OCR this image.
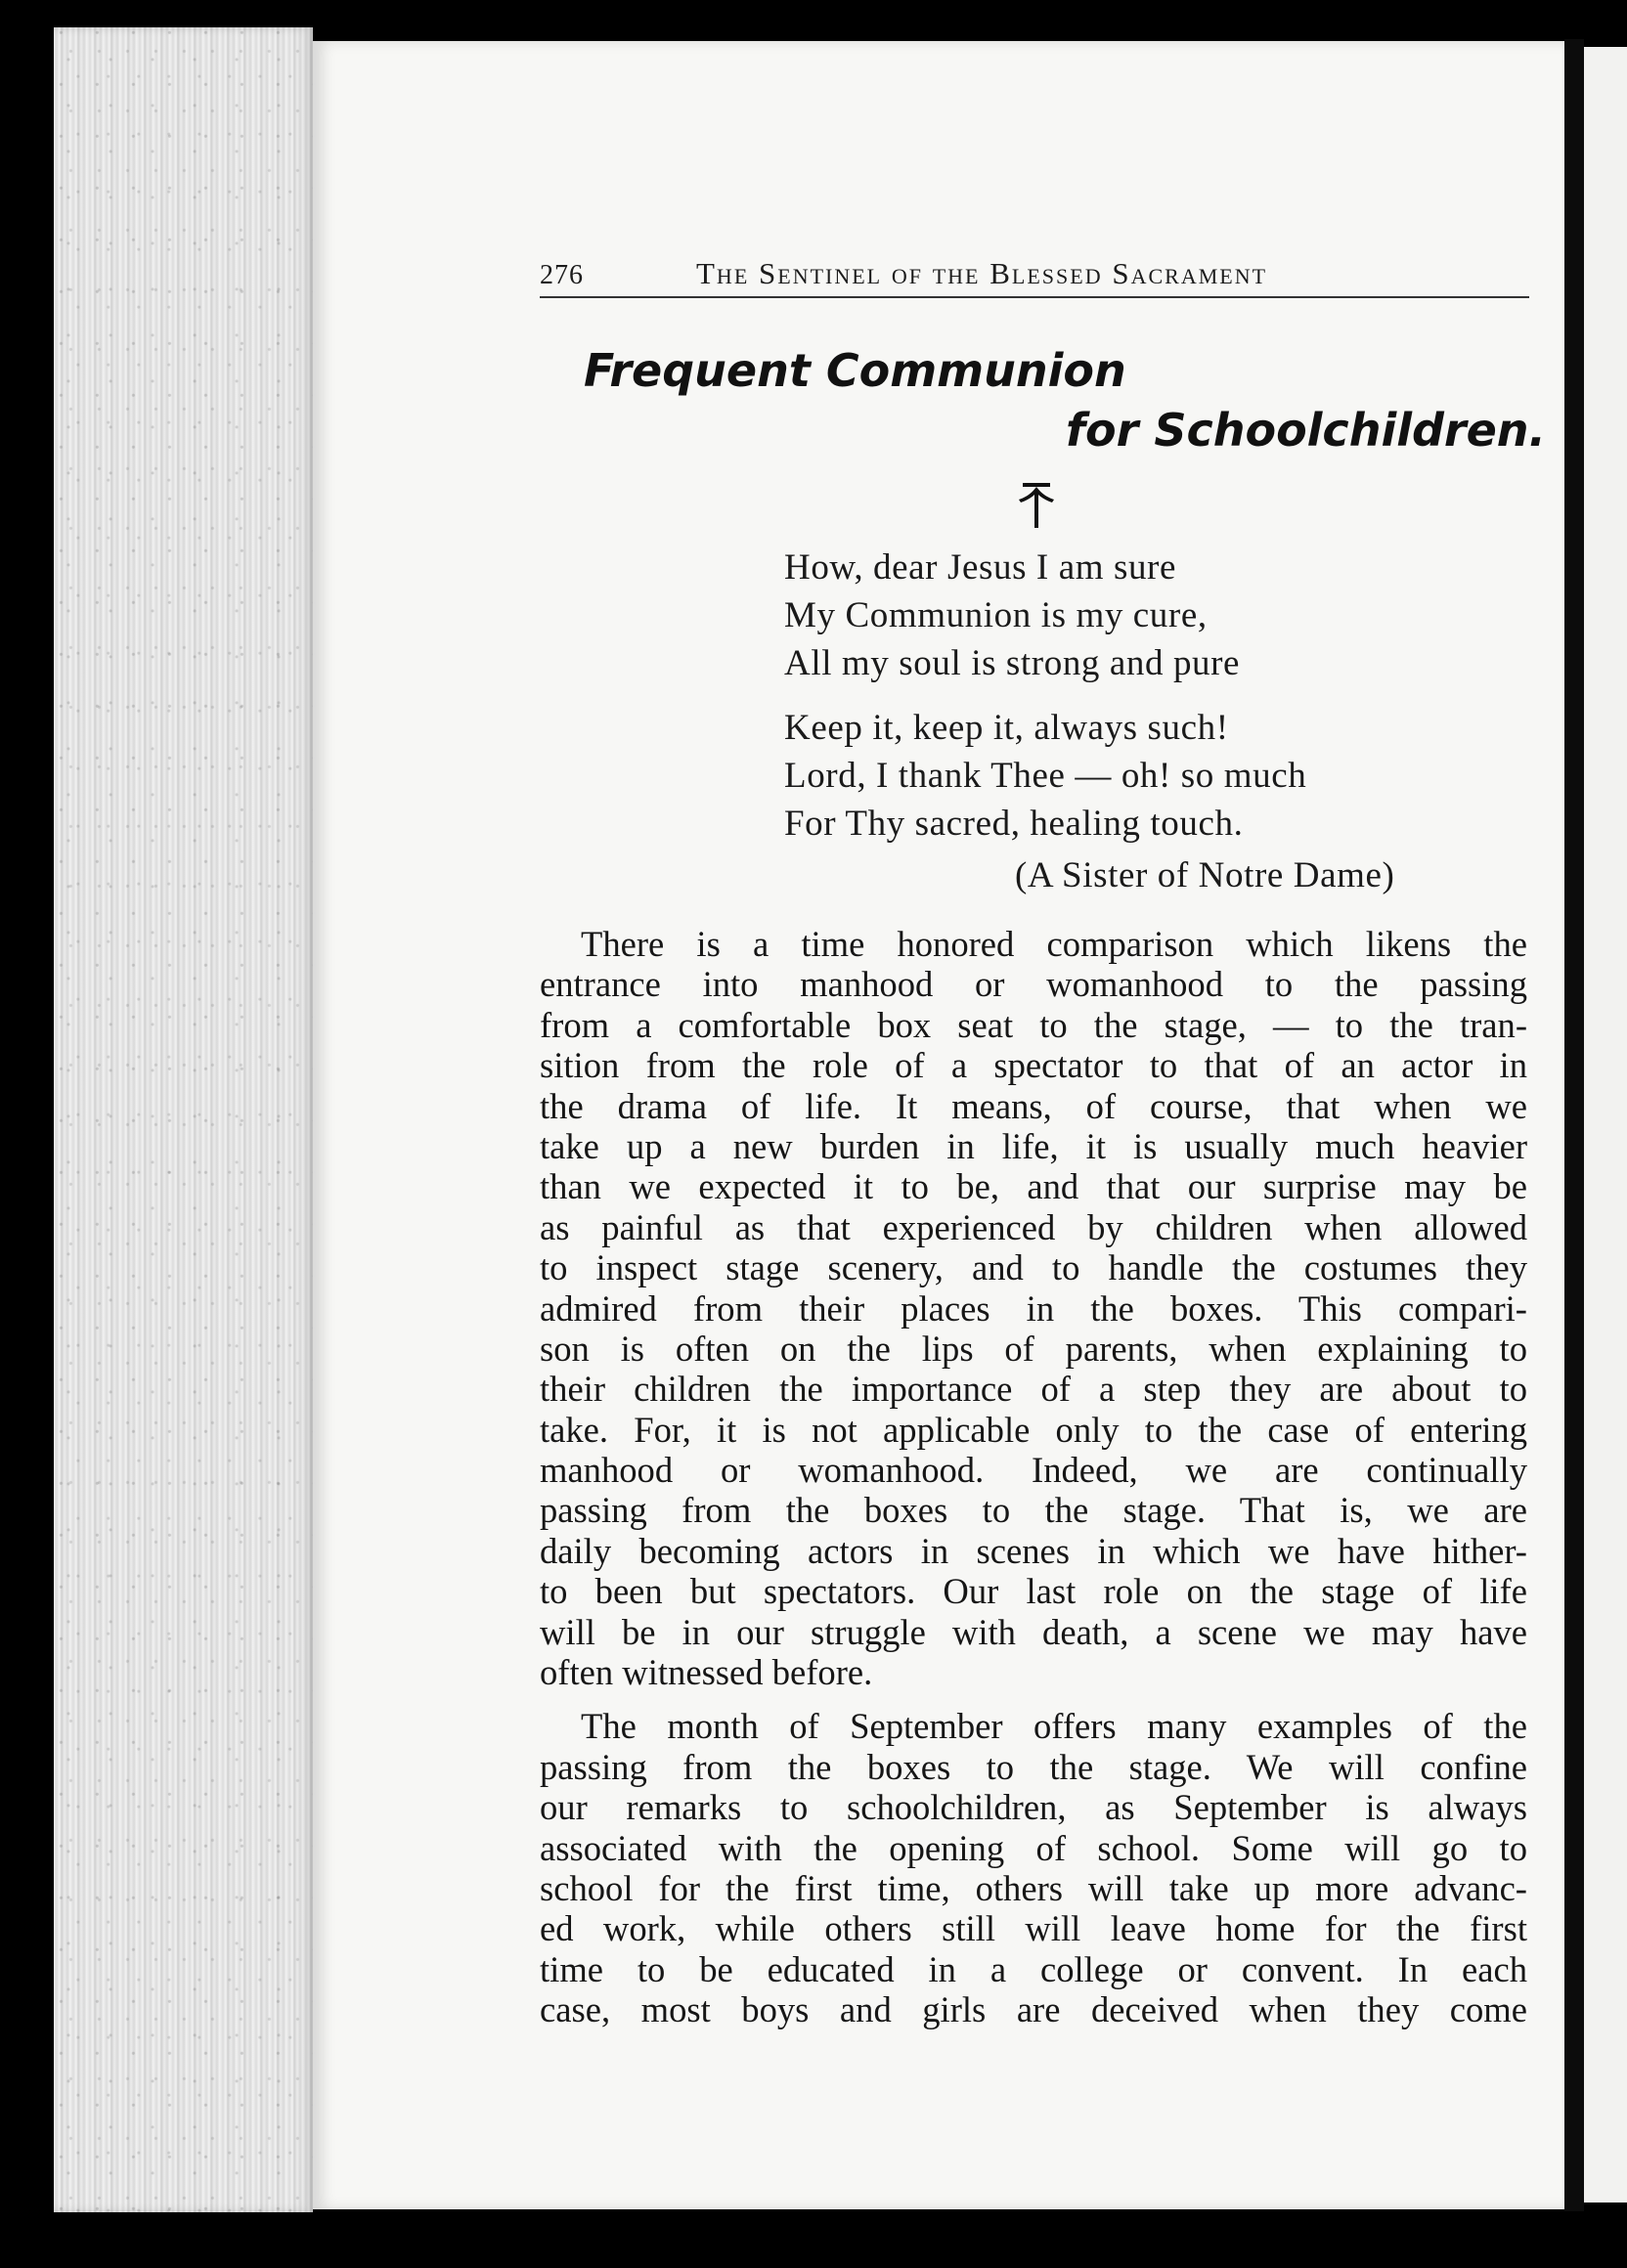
276	The Sentinel of the Blessed Sacrament
Frequent Communion
for Schoolchildren.
How, dear Jesus I am sure
My Communion is my cure,
All my soul is strong and pure
Keep it, keep it, always such!
Lord, I thank Thee — oh! so much
For Thy sacred, healing touch.
(A Sister of Notre Dame)
There is a time honored comparison which likens the
entrance into manhood or womanhood to the passing
from a comfortable box seat to the stage, — to the tran-
sition from the role of a spectator to that of an actor in
the drama of life. It means, of course, that when we
take up a new burden in life, it is usually much heavier
than we expected it to be, and that our surprise may be
as painful as that experienced by children when allowed
to inspect stage scenery, and to handle the costumes they
admired from their places in the boxes. This compari-
son is often on the lips of parents, when explaining to
their children the importance of a step they are about to
take. For, it is not applicable only to the case of entering
manhood or womanhood. Indeed, we are continually
passing from the boxes to the stage. That is, we are
daily becoming actors in scenes in which we have hither-
to been but spectators. Our last role on the stage of life
will be in our struggle with death, a scene we may have
often witnessed before.
The month of September offers many examples of the
passing from the boxes to the stage. We will confine
our remarks to schoolchildren, as September is always
associated with the opening of school. Some will go to
school for the first time, others will take up more advanc-
ed work, while others still will leave home for the first
time to be educated in a college or convent. In each
case, most boys and girls are deceived when they come
